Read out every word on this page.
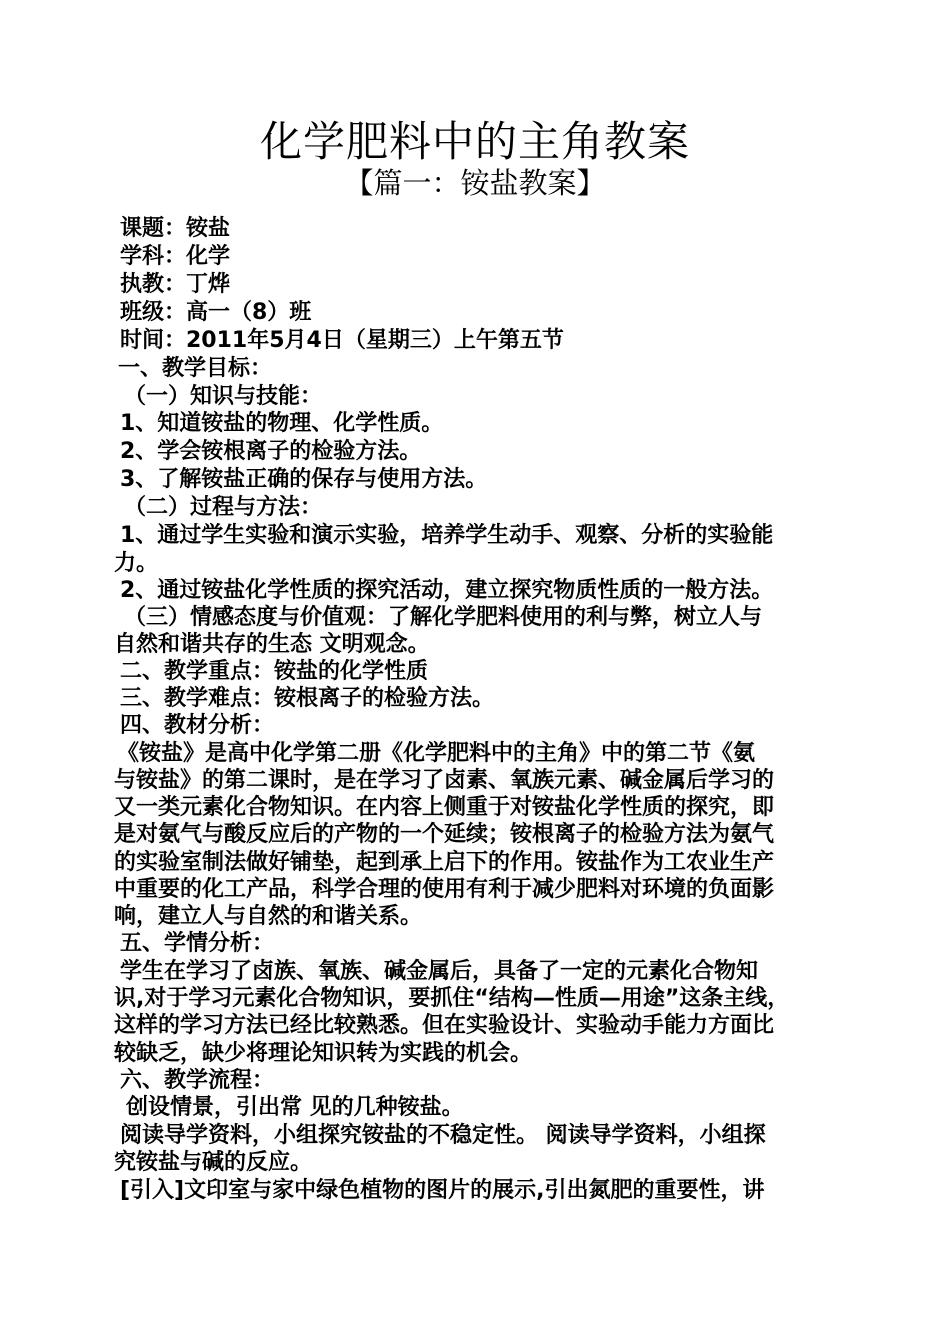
化学肥料中的主角教案
【篇一：铵盐教案】
课题：铵盐
学科：化学
执教：丁烨
班级：高一（8）班
时间：2011年5月4日（星期三）上午第五节
一、教学目标：
（一）知识与技能：
1、知道铵盐的物理、化学性质。
2、学会铵根离子的检验方法。
3、了解铵盐正确的保存与使用方法。
（二）过程与方法：
1、通过学生实验和演示实验，培养学生动手、观察、分析的实验能
力。
2、通过铵盐化学性质的探究活动，建立探究物质性质的一般方法。
（三）情感态度与价值观：了解化学肥料使用的利与弊，树立人与
自然和谐共存的生态 文明观念。
二、教学重点：铵盐的化学性质
三、教学难点：铵根离子的检验方法。
四、教材分析：
《铵盐》是高中化学第二册《化学肥料中的主角》中的第二节《氨
与铵盐》的第二课时，是在学习了卤素、氧族元素、碱金属后学习的
又一类元素化合物知识。在内容上侧重于对铵盐化学性质的探究，即
是对氨气与酸反应后的产物的一个延续；铵根离子的检验方法为氨气
的实验室制法做好铺垫，起到承上启下的作用。铵盐作为工农业生产
中重要的化工产品，科学合理的使用有利于减少肥料对环境的负面影
响，建立人与自然的和谐关系。
五、学情分析：
学生在学习了卤族、氧族、碱金属后，具备了一定的元素化合物知
识,对于学习元素化合物知识，要抓住“结构—性质—用途”这条主线，
这样的学习方法已经比较熟悉。但在实验设计、实验动手能力方面比
较缺乏，缺少将理论知识转为实践的机会。
六、教学流程：
创设情景，引出常 见的几种铵盐。
阅读导学资料，小组探究铵盐的不稳定性。 阅读导学资料，小组探
究铵盐与碱的反应。
[引入]文印室与家中绿色植物的图片的展示,引出氮肥的重要性，讲
